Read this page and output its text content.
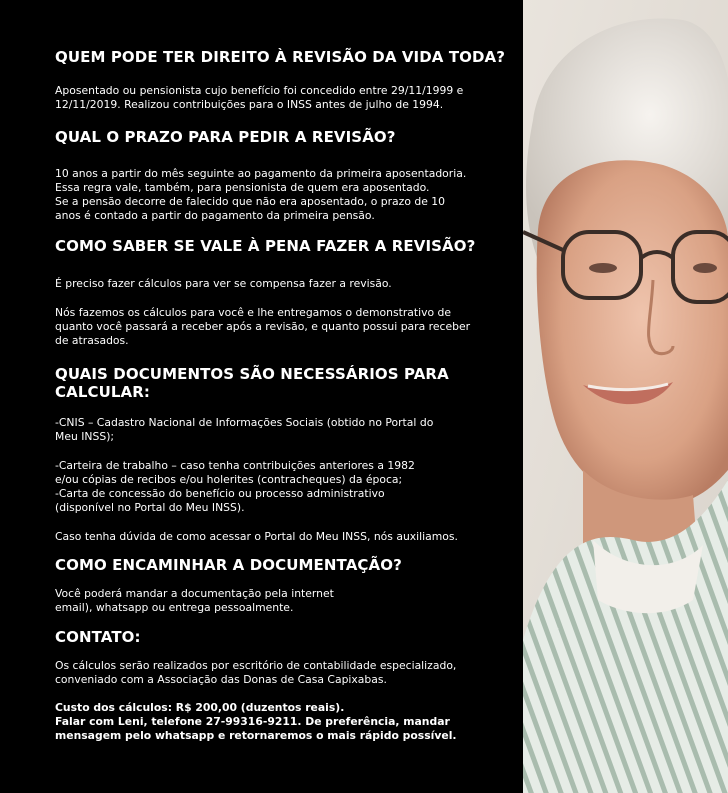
QUEM PODE TER DIREITO À REVISÃO DA VIDA TODA?
Aposentado ou pensionista cujo benefício foi concedido entre 29/11/1999 e
12/11/2019. Realizou contribuições para o INSS antes de julho de 1994.
QUAL O PRAZO PARA PEDIR A REVISÃO?
10 anos a partir do mês seguinte ao pagamento da primeira aposentadoria.
Essa regra vale, também, para pensionista de quem era aposentado.
Se a pensão decorre de falecido que não era aposentado, o prazo de 10
anos é contado a partir do pagamento da primeira pensão.
COMO SABER SE VALE À PENA FAZER A REVISÃO?
É preciso fazer cálculos para ver se compensa fazer a revisão.
Nós fazemos os cálculos para você e lhe entregamos o demonstrativo de
quanto você passará a receber após a revisão, e quanto possui para receber
de atrasados.
QUAIS DOCUMENTOS SÃO NECESSÁRIOS PARA
CALCULAR:
-CNIS – Cadastro Nacional de Informações Sociais (obtido no Portal do
Meu INSS);
-Carteira de trabalho – caso tenha contribuições anteriores a 1982
e/ou cópias de recibos e/ou holerites (contracheques) da época;
-Carta de concessão do benefício ou processo administrativo
(disponível no Portal do Meu INSS).
Caso tenha dúvida de como acessar o Portal do Meu INSS, nós auxiliamos.
COMO ENCAMINHAR A DOCUMENTAÇÃO?
Você poderá mandar a documentação pela internet
email), whatsapp ou entrega pessoalmente.
CONTATO:
Os cálculos serão realizados por escritório de contabilidade especializado,
conveniado com a Associação das Donas de Casa Capixabas.
Custo dos cálculos: R$ 200,00 (duzentos reais).
Falar com Leni, telefone 27-99316-9211. De preferência, mandar
mensagem pelo whatsapp e retornaremos o mais rápido possível.
